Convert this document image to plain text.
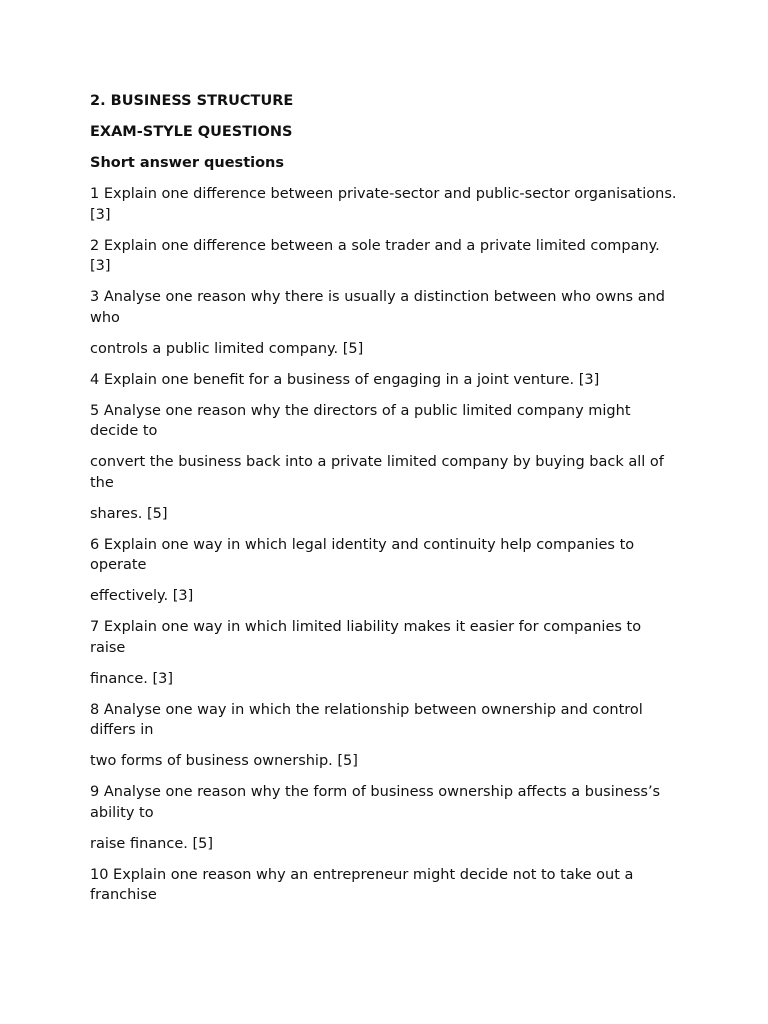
2. BUSINESS STRUCTURE

EXAM-STYLE QUESTIONS

Short answer questions

1 Explain one difference between private-sector and public-sector organisations. [3]

2 Explain one difference between a sole trader and a private limited company. [3]

3 Analyse one reason why there is usually a distinction between who owns and who

controls a public limited company. [5]

4 Explain one benefit for a business of engaging in a joint venture. [3]

5 Analyse one reason why the directors of a public limited company might decide to

convert the business back into a private limited company by buying back all of the

shares. [5]

6 Explain one way in which legal identity and continuity help companies to operate

effectively. [3]

7 Explain one way in which limited liability makes it easier for companies to raise

finance. [3]

8 Analyse one way in which the relationship between ownership and control differs in

two forms of business ownership. [5]

9 Analyse one reason why the form of business ownership affects a business’s ability to

raise finance. [5]

10 Explain one reason why an entrepreneur might decide not to take out a franchise
